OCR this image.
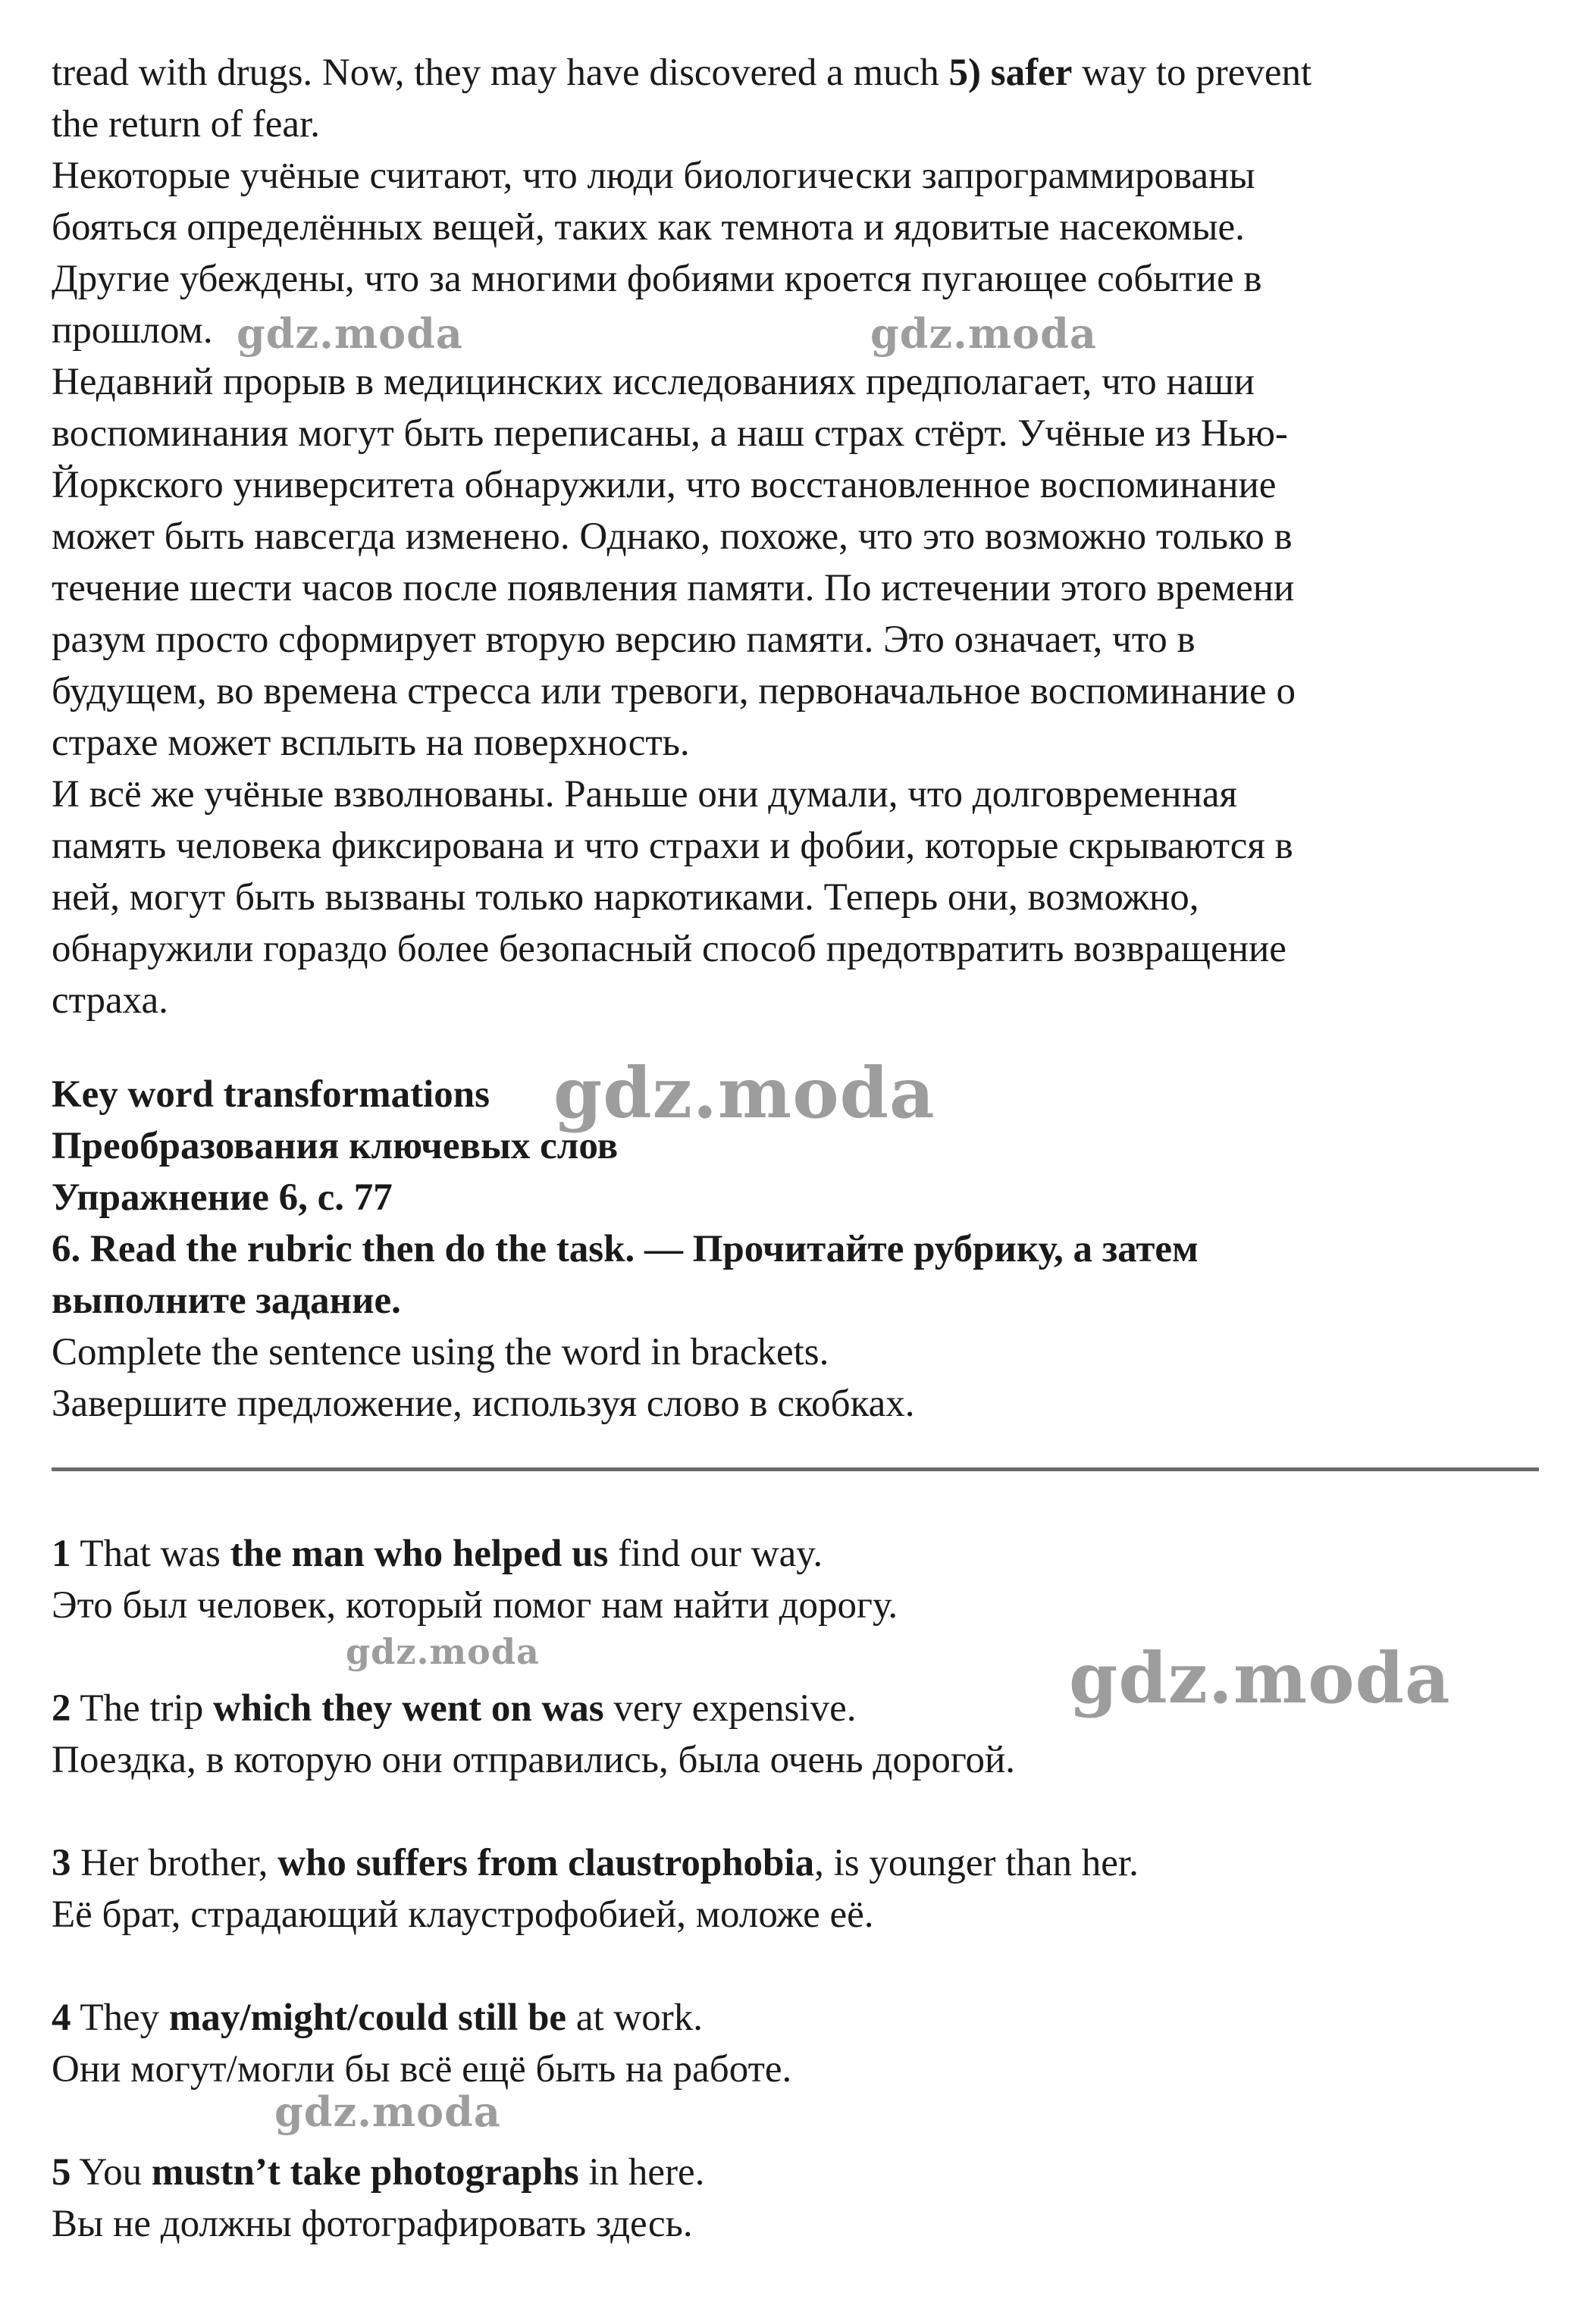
tread with drugs. Now, they may have discovered a much 5) safer way to prevent
the return of fear.
Некоторые учёные считают, что люди биологически запрограммированы
бояться определённых вещей, таких как темнота и ядовитые насекомые.
Другие убеждены, что за многими фобиями кроется пугающее событие в
прошлом.
Недавний прорыв в медицинских исследованиях предполагает, что наши
воспоминания могут быть переписаны, а наш страх стёрт. Учёные из Нью-
Йоркского университета обнаружили, что восстановленное воспоминание
может быть навсегда изменено. Однако, похоже, что это возможно только в
течение шести часов после появления памяти. По истечении этого времени
разум просто сформирует вторую версию памяти. Это означает, что в
будущем, во времена стресса или тревоги, первоначальное воспоминание о
страхе может всплыть на поверхность.
И всё же учёные взволнованы. Раньше они думали, что долговременная
память человека фиксирована и что страхи и фобии, которые скрываются в
ней, могут быть вызваны только наркотиками. Теперь они, возможно,
обнаружили гораздо более безопасный способ предотвратить возвращение
страха.
Key word transformations
Преобразования ключевых слов
Упражнение 6, с. 77
6. Read the rubric then do the task. — Прочитайте рубрику, а затем
выполните задание.
Complete the sentence using the word in brackets.
Завершите предложение, используя слово в скобках.
1 That was the man who helped us find our way.
Это был человек, который помог нам найти дорогу.
2 The trip which they went on was very expensive.
Поездка, в которую они отправились, была очень дорогой.
3 Her brother, who suffers from claustrophobia, is younger than her.
Её брат, страдающий клаустрофобией, моложе её.
4 They may/might/could still be at work.
Они могут/могли бы всё ещё быть на работе.
5 You mustn’t take photographs in here.
Вы не должны фотографировать здесь.
gdz.moda	gdz.moda
gdz.moda
gdz.moda	gdz.moda
gdz.moda
